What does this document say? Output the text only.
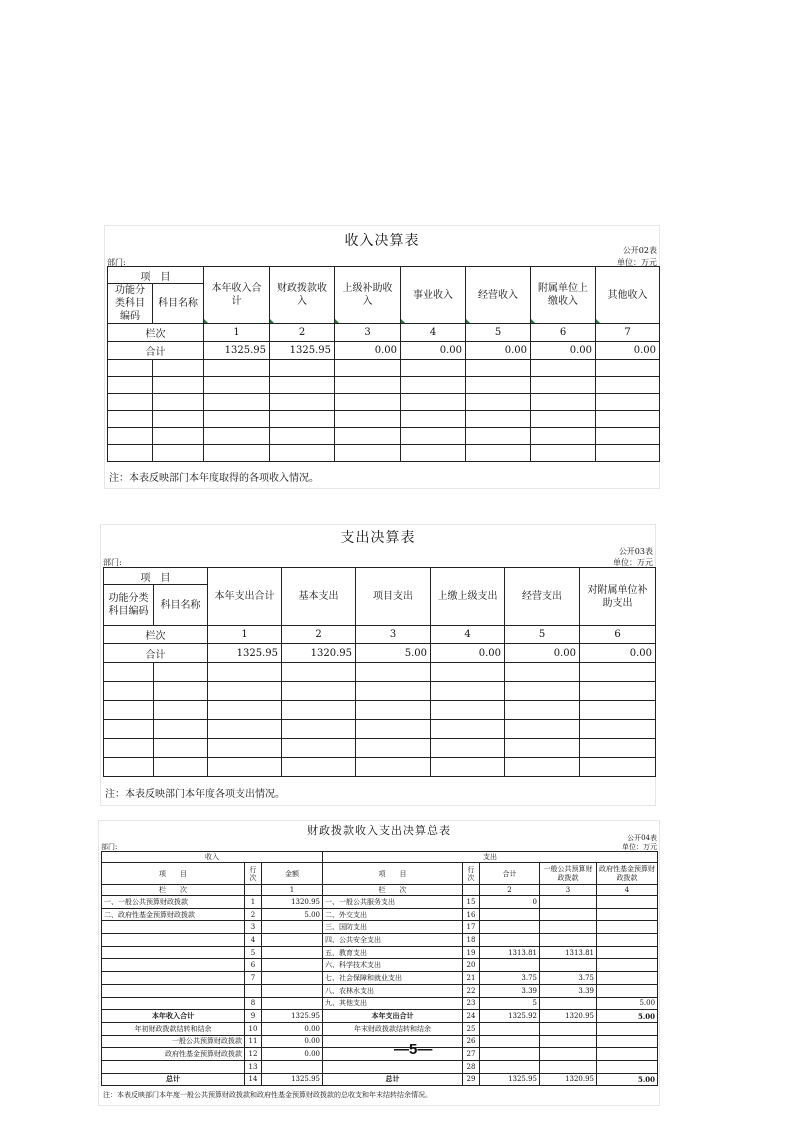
收入决算表
公开02表
部门:	单位：万元
项　目		本年收入合计	财政拨款收入	上级补助收入	事业收入	经营收入	附属单位上缴收入	其他收入
功能分类科目编码	科目名称							
栏次		1	2	3	4	5	6	7
合计		1325.95	1325.95	0.00	0.00	0.00	0.00	0.00

注：本表反映部门本年度取得的各项收入情况。
支出决算表
公开03表
部门:	单位：万元
项　目		本年支出合计	基本支出	项目支出	上缴上级支出	经营支出	对附属单位补助支出
功能分类科目编码	科目名称						
栏次		1	2	3	4	5	6
合计		1325.95	1320.95	5.00	0.00	0.00	0.00

注：本表反映部门本年度各项支出情况。
财政拨款收入支出决算总表
公开04表
部门:	单位：万元
收入			支出				
项　　目	行次	金额	项　　目	行次	合计	一般公共预算财政拨款	政府性基金预算财政拨款
栏　　次		1	栏　　次		2	3	4
一、一般公共预算财政拨款	1	1320.95	一、一般公共服务支出	15	0		
二、政府性基金预算财政拨款	2	5.00	二、外交支出	16			
	3		三、国防支出	17			
	4		四、公共安全支出	18			
	5		五、教育支出	19	1313.81	1313.81	
	6		六、科学技术支出	20			
	7		七、社会保障和就业支出	21	3.75	3.75	
			八、农林水支出	22	3.39	3.39	
	8		九、其他支出	23	5		5.00
本年收入合计	9	1325.95	本年支出合计	24	1325.92	1320.95	5.00
年初财政拨款结转和结余	10	0.00	年末财政拨款结转和结余	25			
一般公共预算财政拨款	11	0.00		26			
政府性基金预算财政拨款	12	0.00		27			
	13			28			
总计	14	1325.95	总计	29	1325.95	1320.95	5.00
—5—
注：本表反映部门本年度一般公共预算财政拨款和政府性基金预算财政拨款的总收支和年末结转结余情况。
